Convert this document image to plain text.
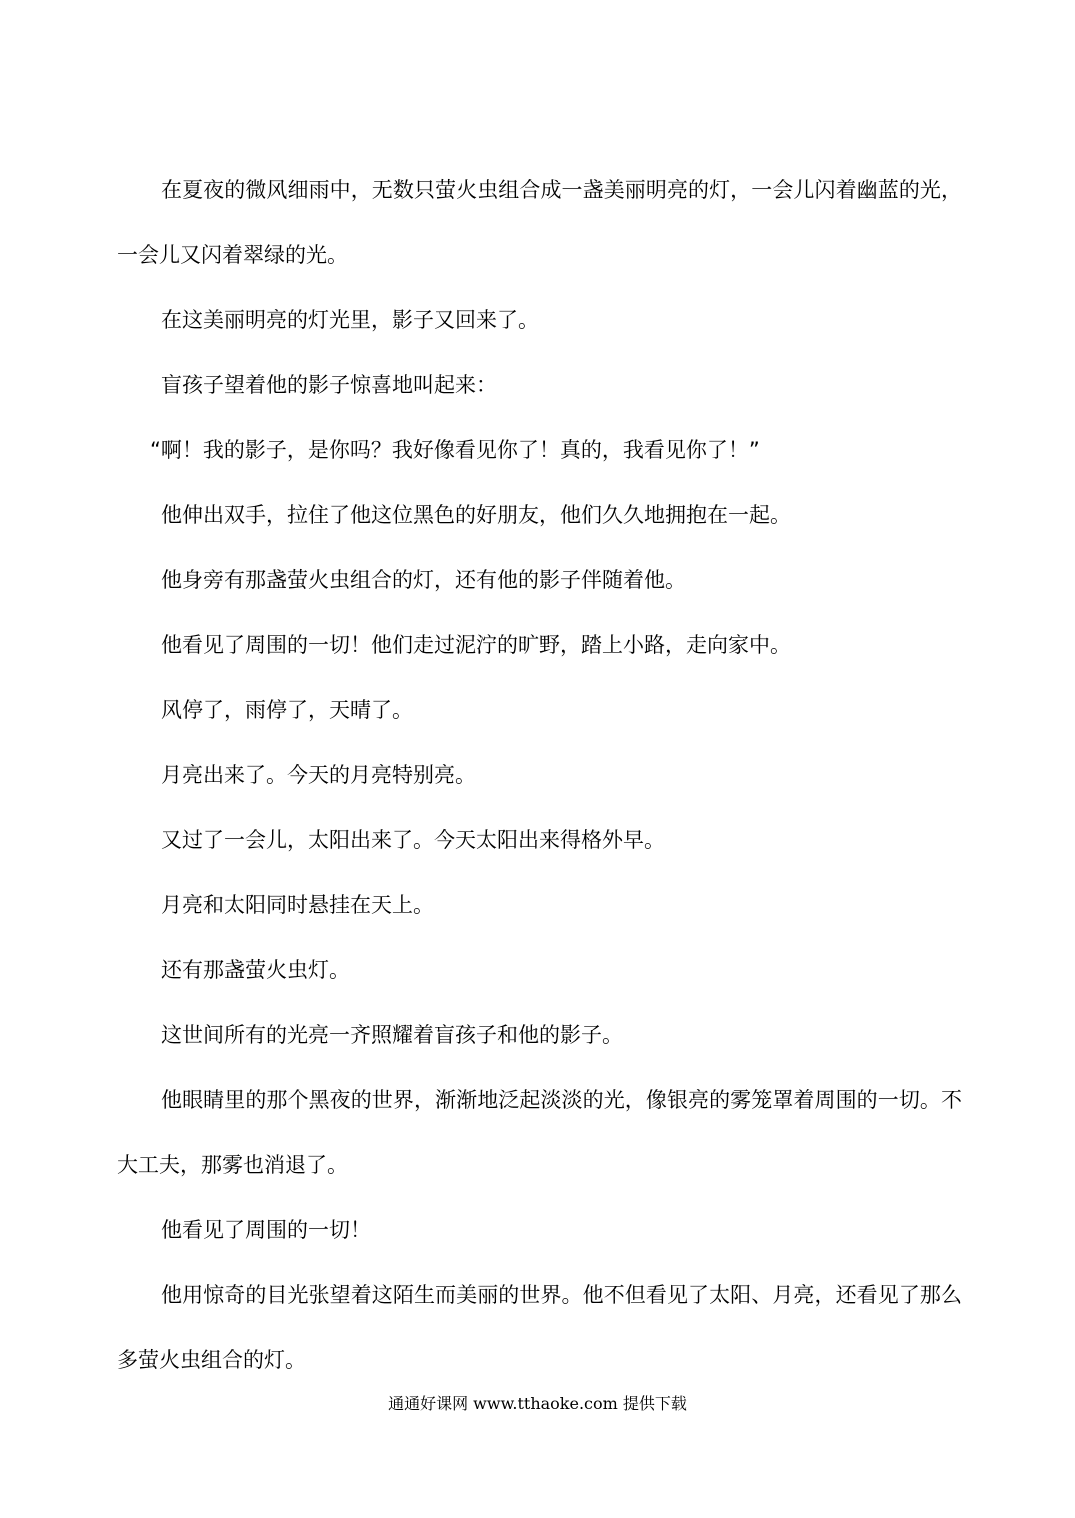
在夏夜的微风细雨中，无数只萤火虫组合成一盏美丽明亮的灯，一会儿闪着幽蓝的光，一会儿又闪着翠绿的光。

在这美丽明亮的灯光里，影子又回来了。

盲孩子望着他的影子惊喜地叫起来：

“啊！我的影子，是你吗？我好像看见你了！真的，我看见你了！”

他伸出双手，拉住了他这位黑色的好朋友，他们久久地拥抱在一起。

他身旁有那盏萤火虫组合的灯，还有他的影子伴随着他。

他看见了周围的一切！他们走过泥泞的旷野，踏上小路，走向家中。

风停了，雨停了，天晴了。

月亮出来了。今天的月亮特别亮。

又过了一会儿，太阳出来了。今天太阳出来得格外早。

月亮和太阳同时悬挂在天上。

还有那盏萤火虫灯。

这世间所有的光亮一齐照耀着盲孩子和他的影子。

他眼睛里的那个黑夜的世界，渐渐地泛起淡淡的光，像银亮的雾笼罩着周围的一切。不大工夫，那雾也消退了。

他看见了周围的一切！

他用惊奇的目光张望着这陌生而美丽的世界。他不但看见了太阳、月亮，还看见了那么多萤火虫组合的灯。

通通好课网 www.tthaoke.com 提供下载
